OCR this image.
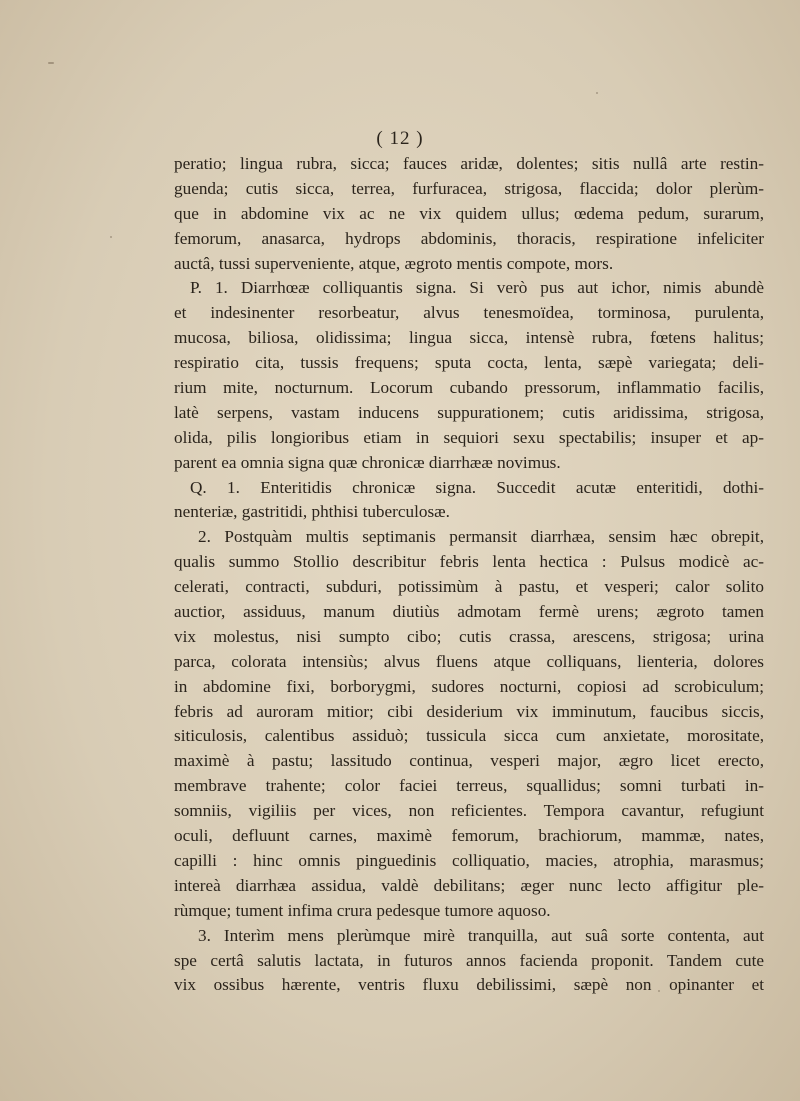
( 12 )
peratio; lingua rubra, sicca; fauces aridæ, dolentes; sitis nullâ arte restin-
guenda; cutis sicca, terrea, furfuracea, strigosa, flaccida; dolor plerùm-
que in abdomine vix ac ne vix quidem ullus; œdema pedum, surarum,
femorum, anasarca, hydrops abdominis, thoracis, respiratione infeliciter
auctâ, tussi superveniente, atque, ægroto mentis compote, mors.
P. 1. Diarrhœæ colliquantis signa. Si verò pus aut ichor, nimis abundè
et indesinenter resorbeatur, alvus tenesmoïdea, torminosa, purulenta,
mucosa, biliosa, olidissima; lingua sicca, intensè rubra, fœtens halitus;
respiratio cita, tussis frequens; sputa cocta, lenta, sæpè variegata; deli-
rium mite, nocturnum. Locorum cubando pressorum, inflammatio facilis,
latè serpens, vastam inducens suppurationem; cutis aridissima, strigosa,
olida, pilis longioribus etiam in sequiori sexu spectabilis; insuper et ap-
parent ea omnia signa quæ chronicæ diarrhææ novimus.
Q. 1. Enteritidis chronicæ signa. Succedit acutæ enteritidi, dothi-
nenteriæ, gastritidi, phthisi tuberculosæ.
2. Postquàm multis septimanis permansit diarrhæa, sensim hæc obrepit,
qualis summo Stollio describitur febris lenta hectica : Pulsus modicè ac-
celerati, contracti, subduri, potissimùm à pastu, et vesperi; calor solito
auctior, assiduus, manum diutiùs admotam fermè urens; ægroto tamen
vix molestus, nisi sumpto cibo; cutis crassa, arescens, strigosa; urina
parca, colorata intensiùs; alvus fluens atque colliquans, lienteria, dolores
in abdomine fixi, borborygmi, sudores nocturni, copiosi ad scrobiculum;
febris ad auroram mitior; cibi desiderium vix imminutum, faucibus siccis,
siticulosis, calentibus assiduò; tussicula sicca cum anxietate, morositate,
maximè à pastu; lassitudo continua, vesperi major, ægro licet erecto,
membrave trahente; color faciei terreus, squallidus; somni turbati in-
somniis, vigiliis per vices, non reficientes. Tempora cavantur, refugiunt
oculi, defluunt carnes, maximè femorum, brachiorum, mammæ, nates,
capilli : hinc omnis pinguedinis colliquatio, macies, atrophia, marasmus;
intereà diarrhæa assidua, valdè debilitans; æger nunc lecto affigitur ple-
rùmque; tument infima crura pedesque tumore aquoso.
3. Interìm mens plerùmque mirè tranquilla, aut suâ sorte contenta, aut
spe certâ salutis lactata, in futuros annos facienda proponit. Tandem cute
vix ossibus hærente, ventris fluxu debilissimi, sæpè non opinanter et
